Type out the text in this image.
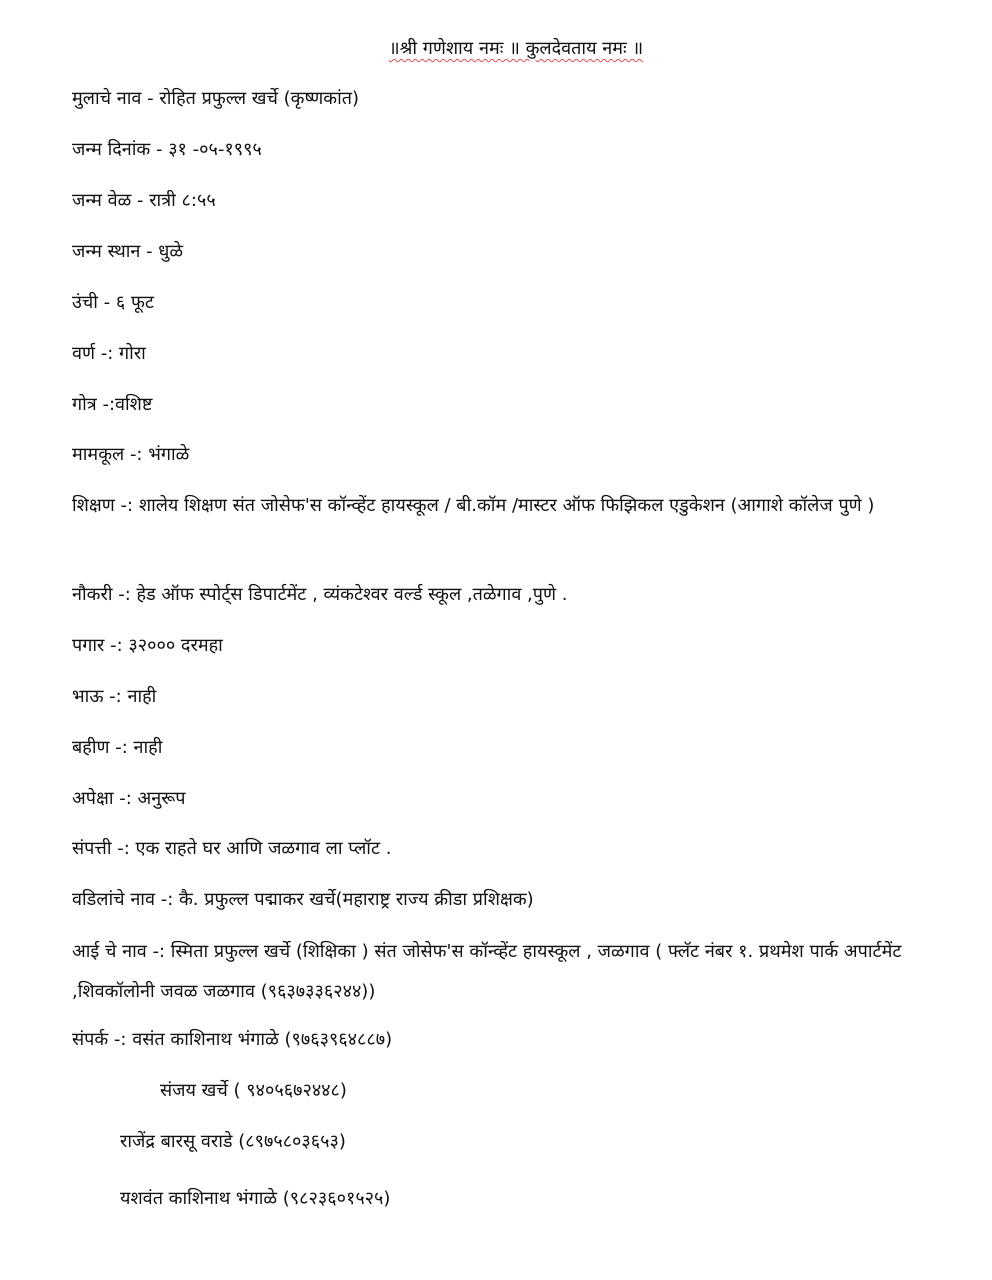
॥श्री गणेशाय नमः ॥ कुलदेवताय नमः ॥
मुलाचे नाव - रोहित प्रफुल्ल खर्चे (कृष्णकांत)
जन्म दिनांक - ३१ -०५-१९९५
जन्म वेळ - रात्री ८:५५
जन्म स्थान - धुळे
उंची - ६ फूट
वर्ण -: गोरा
गोत्र -:वशिष्ट
मामकूल -: भंगाळे
शिक्षण -: शालेय शिक्षण संत जोसेफ'स कॉन्व्हेंट हायस्कूल / बी.कॉम /मास्टर ऑफ फिझिकल एडुकेशन (आगाशे कॉलेज पुणे )
नौकरी -: हेड ऑफ स्पोर्ट्स डिपार्टमेंट , व्यंकटेश्वर वर्ल्ड स्कूल ,तळेगाव ,पुणे .
पगार -: ३२००० दरमहा
भाऊ -: नाही
बहीण -: नाही
अपेक्षा -: अनुरूप
संपत्ती -: एक राहते घर आणि जळगाव ला प्लॉट .
वडिलांचे नाव -: कै. प्रफुल्ल पद्माकर खर्चे(महाराष्ट्र राज्य क्रीडा प्रशिक्षक)
आई चे नाव -: स्मिता प्रफुल्ल खर्चे (शिक्षिका ) संत जोसेफ'स कॉन्व्हेंट हायस्कूल , जळगाव ( फ्लॅट नंबर १. प्रथमेश पार्क अपार्टमेंट ,शिवकॉलोनी जवळ जळगाव (९६३७३३६२४४))
संपर्क -: वसंत काशिनाथ भंगाळे (९७६३९६४८८७)
संजय खर्चे ( ९४०५६७२४४८)
राजेंद्र बारसू वराडे (८९७५८०३६५३)
यशवंत काशिनाथ भंगाळे (९८२३६०१५२५)
